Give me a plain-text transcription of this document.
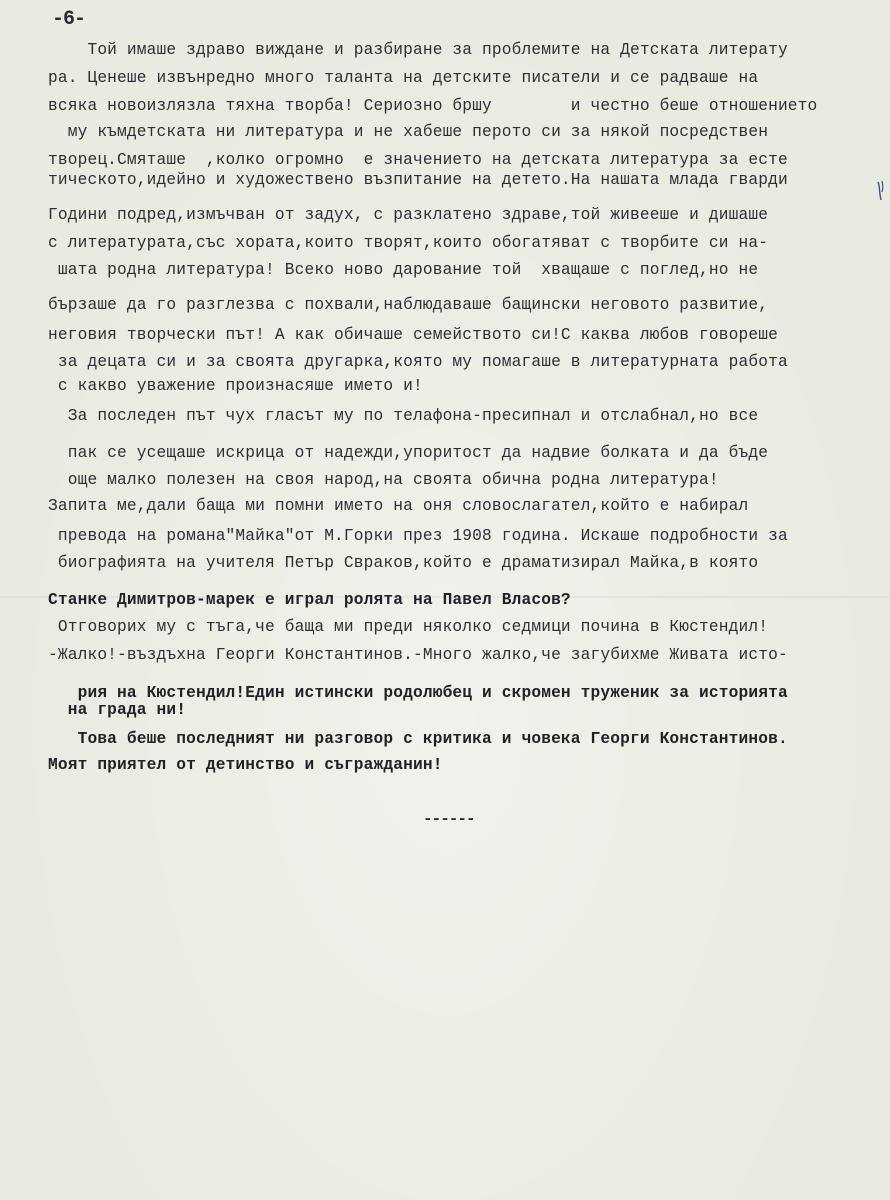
-6-
Той имаше здраво виждане и разбиране за проблемите на Детската литерату
ра. Ценеше извънредно много таланта на детските писатели и се радваше на
всяка новоизлязла тяхна творба! Сериозно бршу        и честно беше отношението
му къмдетската ни литература и не хабеше перото си за някой посредствен
творец.Смяташе  ,колко огромно  е значението на детската литература за есте
тическото,идейно и художествено възпитание на детето.На нашата млада гварди
Години подред,измъчван от задух, с разклатено здраве,той живееше и дишаше
с литературата,със хората,които творят,които обогатяват с творбите си на-
шата родна литература! Всеко ново дарование той  хващаше с поглед,но не
бързаше да го разглезва с похвали,наблюдаваше бащински неговото развитие,
неговия творчески път! А как обичаше семейството си!С каква любов говореше
за децата си и за своята другарка,която му помагаше в литературната работа
с какво уважение произнасяше името и!
За последен път чух гласът му по телафона-пресипнал и отслабнал,но все
пак се усещаше искрица от надежди,упоритост да надвие болката и да бъде
още малко полезен на своя народ,на своята обична родна литература!
Запита ме,дали баща ми помни името на оня словослагател,който е набирал
превода на романа"Майка"от М.Горки през 1908 година. Искаше подробности за
биографията на учителя Петър Свраков,който е драматизирал Майка,в която
Станке Димитров-марек е играл ролята на Павел Власов?
Отговорих му с тъга,че баща ми преди няколко седмици почина в Кюстендил!
-Жалко!-въздъхна Георги Константинов.-Много жалко,че загубихме Живата исто-
рия на Кюстендил!Един истински родолюбец и скромен труженик за историята
на града ни!
Това беше последният ни разговор с критика и човека Георги Константинов.
Моят приятел от детинство и съгражданин!
------
